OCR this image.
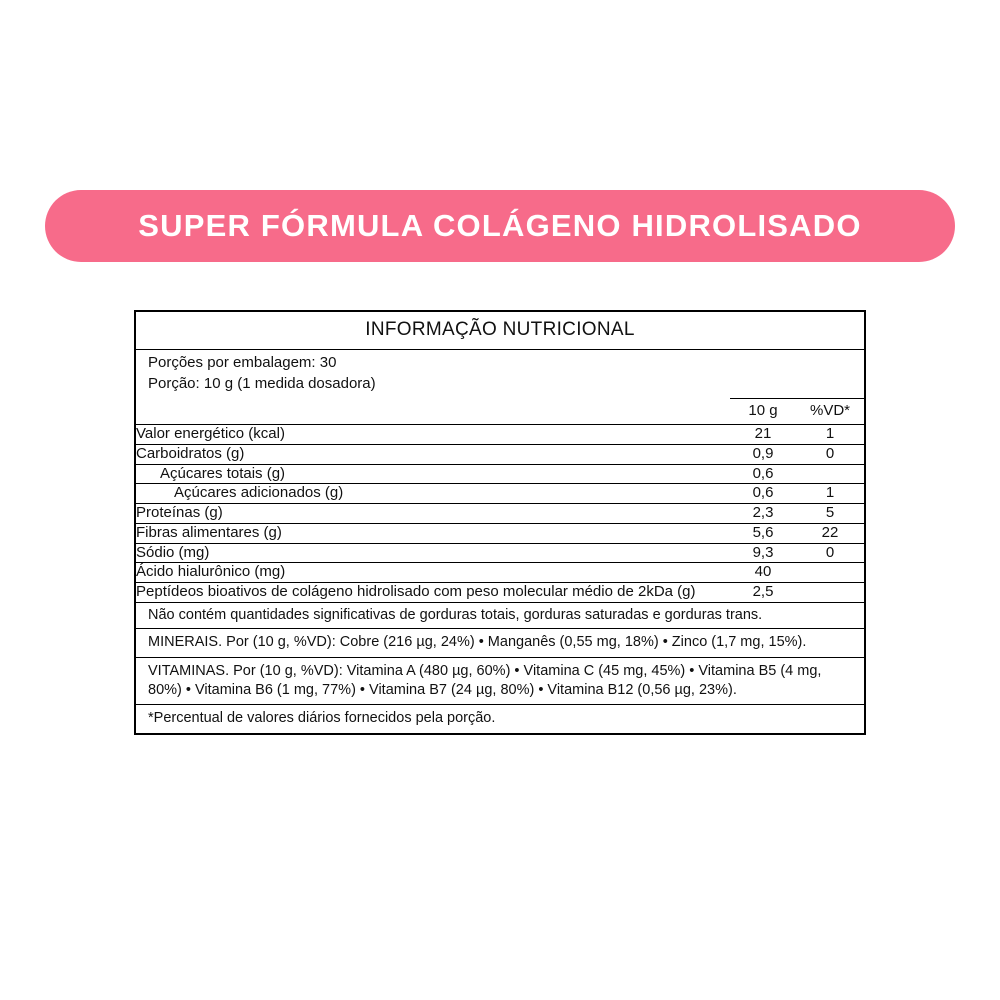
SUPER FÓRMULA COLÁGENO HIDROLISADO
INFORMAÇÃO NUTRICIONAL
Porções por embalagem: 30
Porção: 10 g (1 medida dosadora)
	10 g	%VD*
Valor energético (kcal)	21	1
Carboidratos (g)	0,9	0
Açúcares totais (g)	0,6	
Açúcares adicionados (g)	0,6	1
Proteínas (g)	2,3	5
Fibras alimentares (g)	5,6	22
Sódio (mg)	9,3	0
Ácido hialurônico (mg)	40	
Peptídeos bioativos de colágeno hidrolisado com peso molecular médio de 2kDa (g)	2,5	
Não contém quantidades significativas de gorduras totais, gorduras saturadas e gorduras trans.
MINERAIS. Por (10 g, %VD): Cobre (216 µg, 24%) • Manganês (0,55 mg, 18%) • Zinco (1,7 mg, 15%).
VITAMINAS. Por (10 g, %VD): Vitamina A (480 µg, 60%) • Vitamina C (45 mg, 45%) • Vitamina B5 (4 mg, 80%) • Vitamina B6 (1 mg, 77%) • Vitamina B7 (24 µg, 80%) • Vitamina B12 (0,56 µg, 23%).
*Percentual de valores diários fornecidos pela porção.
